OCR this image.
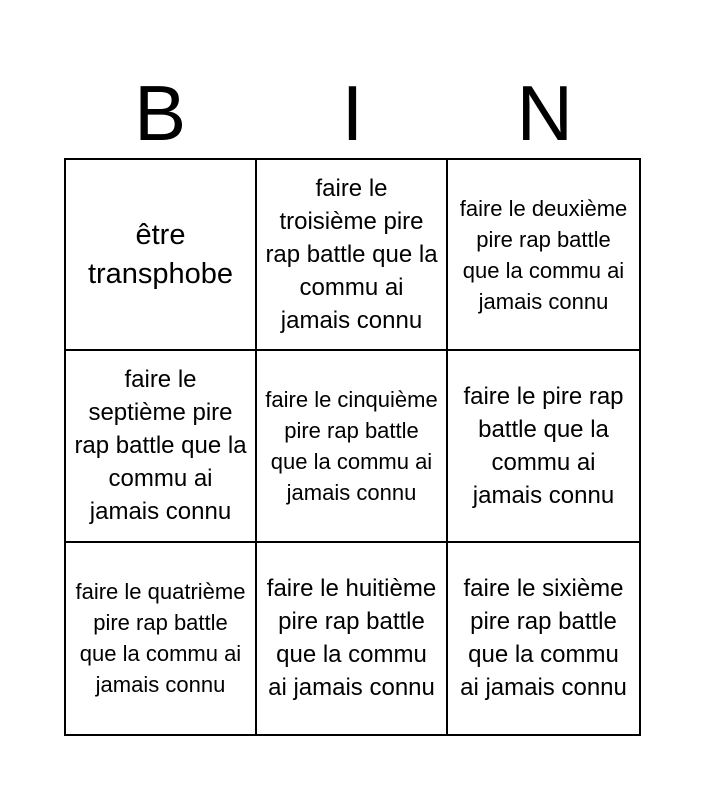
B	I	N
être transphobe
faire le troisième pire rap battle que la commu ai jamais connu
faire le deuxième pire rap battle que la commu ai jamais connu
faire le septième pire rap battle que la commu ai jamais connu
faire le cinquième pire rap battle que la commu ai jamais connu
faire le pire rap battle que la commu ai jamais connu
faire le quatrième pire rap battle que la commu ai jamais connu
faire le huitième pire rap battle que la commu ai jamais connu
faire le sixième pire rap battle que la commu ai jamais connu
